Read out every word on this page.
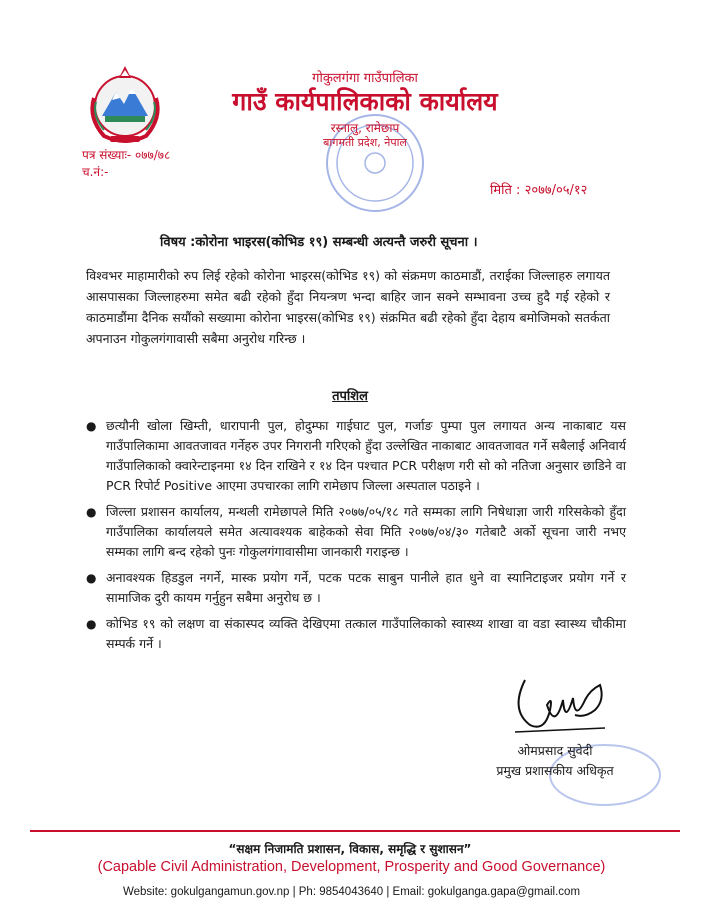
गोकुलगंगा गाउँपालिका
गाउँ कार्यपालिकाको कार्यालय
रस्नालु, रामेछाप
बागमती प्रदेश, नेपाल
पत्र संख्याः- ०७७/७८
च.नं:-
मिति : २०७७/०५/१२
विषय :कोरोना भाइरस(कोभिड १९) सम्बन्धी अत्यन्तै जरुरी सूचना ।

विश्वभर माहामारीको रुप लिई रहेको कोरोना भाइरस(कोभिड १९) को संक्रमण काठमाडौं, तराईका जिल्लाहरु लगायत आसपासका जिल्लाहरुमा समेत बढी रहेको हुँदा नियन्त्रण भन्दा बाहिर जान सक्ने सम्भावना उच्च हुदै गई रहेको र काठमाडौंमा दैनिक सयौंको सख्यामा कोरोना भाइरस(कोभिड १९) संक्रमित बढी रहेको हुँदा देहाय बमोजिमको सतर्कता अपनाउन गोकुलगंगावासी सबैमा अनुरोध गरिन्छ ।

तपशिल
● छत्यौनी खोला खिम्ती, धारापानी पुल, होदुम्फा गाईघाट पुल, गर्जाङ पुम्पा पुल लगायत अन्य नाकाबाट यस गाउँपालिकामा आवतजावत गर्नेहरु उपर निगरानी गरिएको हुँदा उल्लेखित नाकाबाट आवतजावत गर्ने सबैलाई अनिवार्य गाउँपालिकाको क्वारेन्टाइनमा १४ दिन राखिने र १४ दिन पश्चात PCR परीक्षण गरी सो को नतिजा अनुसार छाडिने वा PCR रिपोर्ट Positive आएमा उपचारका लागि रामेछाप जिल्ला अस्पताल पठाइने ।
● जिल्ला प्रशासन कार्यालय, मन्थली रामेछापले मिति २०७७/०५/१८ गते सम्मका लागि निषेधाज्ञा जारी गरिसकेको हुँदा गाउँपालिका कार्यालयले समेत अत्यावश्यक बाहेकको सेवा मिति २०७७/०४/३० गतेबाटै अर्को सूचना जारी नभए सम्मका लागि बन्द रहेको पुनः गोकुलगंगावासीमा जानकारी गराइन्छ ।
● अनावश्यक हिडडुल नगर्ने, मास्क प्रयोग गर्ने, पटक पटक साबुन पानीले हात धुने वा स्यानिटाइजर प्रयोग गर्ने र सामाजिक दुरी कायम गर्नुहुन सबैमा अनुरोध छ ।
● कोभिड १९ को लक्षण वा संकास्पद व्यक्ति देखिएमा तत्काल गाउँपालिकाको स्वास्थ्य शाखा वा वडा स्वास्थ्य चौकीमा सम्पर्क गर्ने ।
ओमप्रसाद सुवेदी
प्रमुख प्रशासकीय अधिकृत
“सक्षम निजामति प्रशासन, विकास, समृद्धि र सुशासन”
(Capable Civil Administration, Development, Prosperity and Good Governance)
Website: gokulgangamun.gov.np | Ph: 9854043640 | Email: gokulganga.gapa@gmail.com
